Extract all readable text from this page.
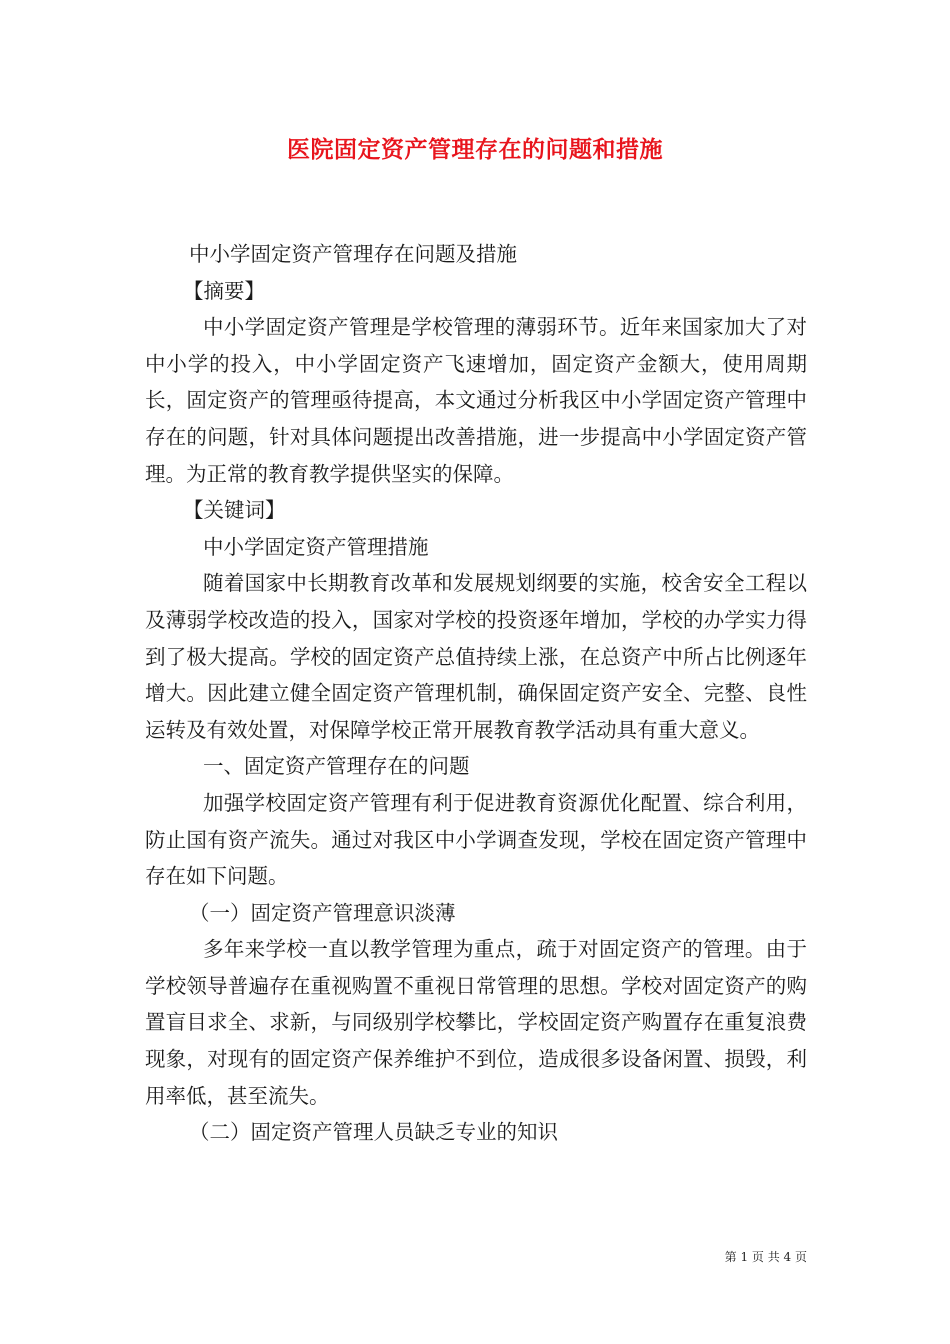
医院固定资产管理存在的问题和措施

中小学固定资产管理存在问题及措施

【摘要】

中小学固定资产管理是学校管理的薄弱环节。近年来国家加大了对中小学的投入，中小学固定资产飞速增加，固定资产金额大，使用周期长，固定资产的管理亟待提高，本文通过分析我区中小学固定资产管理中存在的问题，针对具体问题提出改善措施，进一步提高中小学固定资产管理。为正常的教育教学提供坚实的保障。

【关键词】

中小学固定资产管理措施

随着国家中长期教育改革和发展规划纲要的实施，校舍安全工程以及薄弱学校改造的投入，国家对学校的投资逐年增加，学校的办学实力得到了极大提高。学校的固定资产总值持续上涨，在总资产中所占比例逐年增大。因此建立健全固定资产管理机制，确保固定资产安全、完整、良性运转及有效处置，对保障学校正常开展教育教学活动具有重大意义。

一、固定资产管理存在的问题

加强学校固定资产管理有利于促进教育资源优化配置、综合利用，防止国有资产流失。通过对我区中小学调查发现，学校在固定资产管理中存在如下问题。

（一）固定资产管理意识淡薄

多年来学校一直以教学管理为重点，疏于对固定资产的管理。由于学校领导普遍存在重视购置不重视日常管理的思想。学校对固定资产的购置盲目求全、求新，与同级别学校攀比，学校固定资产购置存在重复浪费现象，对现有的固定资产保养维护不到位，造成很多设备闲置、损毁，利用率低，甚至流失。

（二）固定资产管理人员缺乏专业的知识

第 1 页 共 4 页
